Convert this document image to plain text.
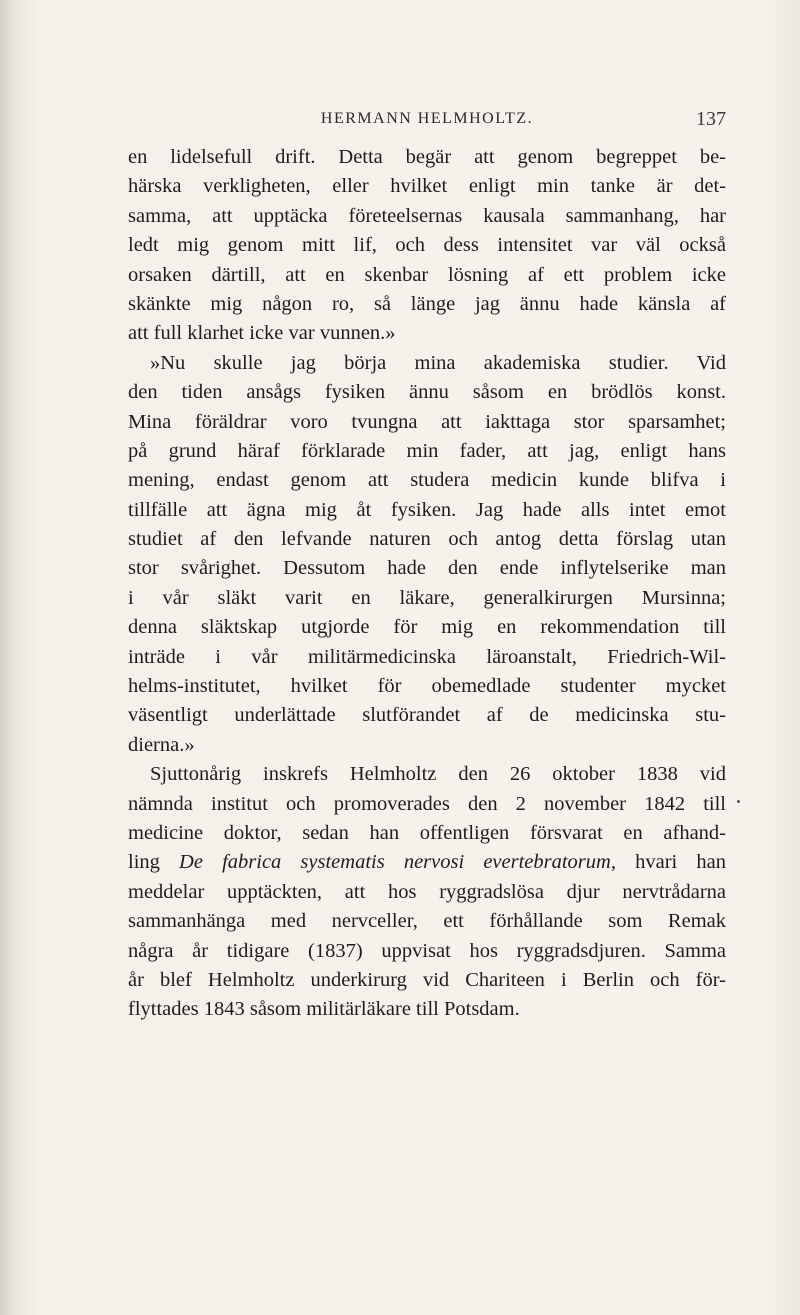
HERMANN HELMHOLTZ.	137
en lidelsefull drift. Detta begär att genom begreppet be-
härska verkligheten, eller hvilket enligt min tanke är det-
samma, att upptäcka företeelsernas kausala sammanhang, har
ledt mig genom mitt lif, och dess intensitet var väl också
orsaken därtill, att en skenbar lösning af ett problem icke
skänkte mig någon ro, så länge jag ännu hade känsla af
att full klarhet icke var vunnen.»
»Nu skulle jag börja mina akademiska studier. Vid
den tiden ansågs fysiken ännu såsom en brödlös konst.
Mina föräldrar voro tvungna att iakttaga stor sparsamhet;
på grund häraf förklarade min fader, att jag, enligt hans
mening, endast genom att studera medicin kunde blifva i
tillfälle att ägna mig åt fysiken. Jag hade alls intet emot
studiet af den lefvande naturen och antog detta förslag utan
stor svårighet. Dessutom hade den ende inflytelserike man
i vår släkt varit en läkare, generalkirurgen Mursinna;
denna släktskap utgjorde för mig en rekommendation till
inträde i vår militärmedicinska läroanstalt, Friedrich-Wil-
helms-institutet, hvilket för obemedlade studenter mycket
väsentligt underlättade slutförandet af de medicinska stu-
dierna.»
Sjuttonårig inskrefs Helmholtz den 26 oktober 1838 vid
nämnda institut och promoverades den 2 november 1842 till
medicine doktor, sedan han offentligen försvarat en afhand-
ling De fabrica systematis nervosi evertebratorum, hvari han
meddelar upptäckten, att hos ryggradslösa djur nervtrådarna
sammanhänga med nervceller, ett förhållande som Remak
några år tidigare (1837) uppvisat hos ryggradsdjuren. Samma
år blef Helmholtz underkirurg vid Chariteen i Berlin och för-
flyttades 1843 såsom militärläkare till Potsdam.
